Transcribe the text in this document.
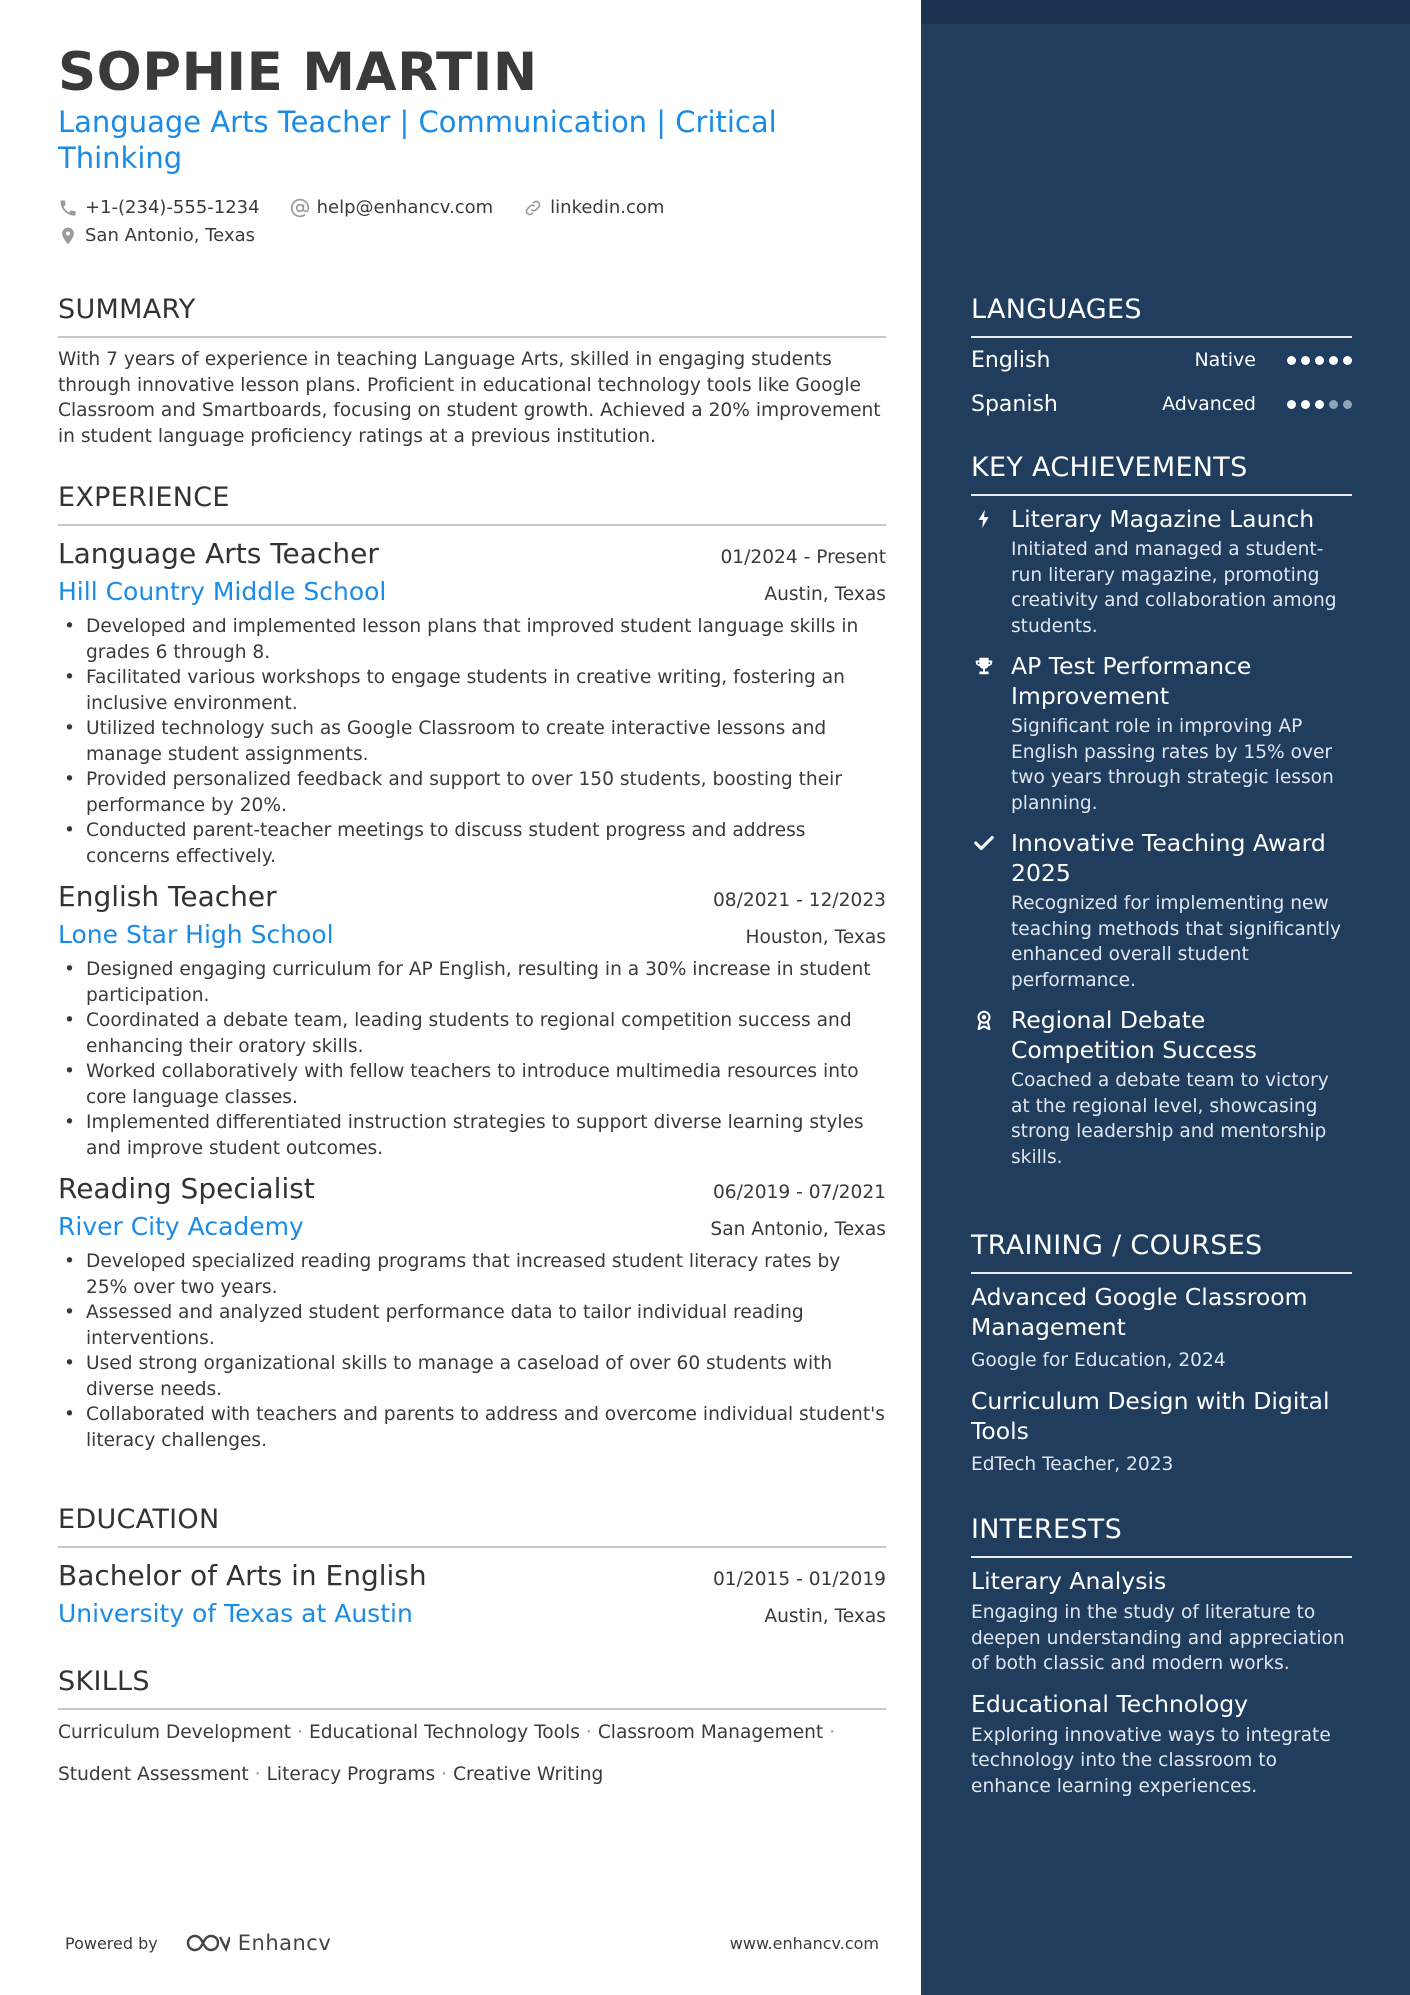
SOPHIE MARTIN
Language Arts Teacher | Communication | Critical Thinking
+1-(234)-555-1234	help@enhancv.com	linkedin.com
San Antonio, Texas
SUMMARY
With 7 years of experience in teaching Language Arts, skilled in engaging students through innovative lesson plans. Proficient in educational technology tools like Google Classroom and Smartboards, focusing on student growth. Achieved a 20% improvement in student language proficiency ratings at a previous institution.
EXPERIENCE
Language Arts Teacher	01/2024 - Present
Hill Country Middle School	Austin, Texas
• Developed and implemented lesson plans that improved student language skills in grades 6 through 8.
• Facilitated various workshops to engage students in creative writing, fostering an inclusive environment.
• Utilized technology such as Google Classroom to create interactive lessons and manage student assignments.
• Provided personalized feedback and support to over 150 students, boosting their performance by 20%.
• Conducted parent-teacher meetings to discuss student progress and address concerns effectively.
English Teacher	08/2021 - 12/2023
Lone Star High School	Houston, Texas
• Designed engaging curriculum for AP English, resulting in a 30% increase in student participation.
• Coordinated a debate team, leading students to regional competition success and enhancing their oratory skills.
• Worked collaboratively with fellow teachers to introduce multimedia resources into core language classes.
• Implemented differentiated instruction strategies to support diverse learning styles and improve student outcomes.
Reading Specialist	06/2019 - 07/2021
River City Academy	San Antonio, Texas
• Developed specialized reading programs that increased student literacy rates by 25% over two years.
• Assessed and analyzed student performance data to tailor individual reading interventions.
• Used strong organizational skills to manage a caseload of over 60 students with diverse needs.
• Collaborated with teachers and parents to address and overcome individual student's literacy challenges.
EDUCATION
Bachelor of Arts in English	01/2015 - 01/2019
University of Texas at Austin	Austin, Texas
SKILLS
Curriculum Development · Educational Technology Tools · Classroom Management ·
Student Assessment · Literacy Programs · Creative Writing
Powered by	Enhancv	www.enhancv.com
LANGUAGES
English	Native
Spanish	Advanced
KEY ACHIEVEMENTS
Literary Magazine Launch
Initiated and managed a student-run literary magazine, promoting creativity and collaboration among students.
AP Test Performance Improvement
Significant role in improving AP English passing rates by 15% over two years through strategic lesson planning.
Innovative Teaching Award 2025
Recognized for implementing new teaching methods that significantly enhanced overall student performance.
Regional Debate Competition Success
Coached a debate team to victory at the regional level, showcasing strong leadership and mentorship skills.
TRAINING / COURSES
Advanced Google Classroom Management
Google for Education, 2024
Curriculum Design with Digital Tools
EdTech Teacher, 2023
INTERESTS
Literary Analysis
Engaging in the study of literature to deepen understanding and appreciation of both classic and modern works.
Educational Technology
Exploring innovative ways to integrate technology into the classroom to enhance learning experiences.
